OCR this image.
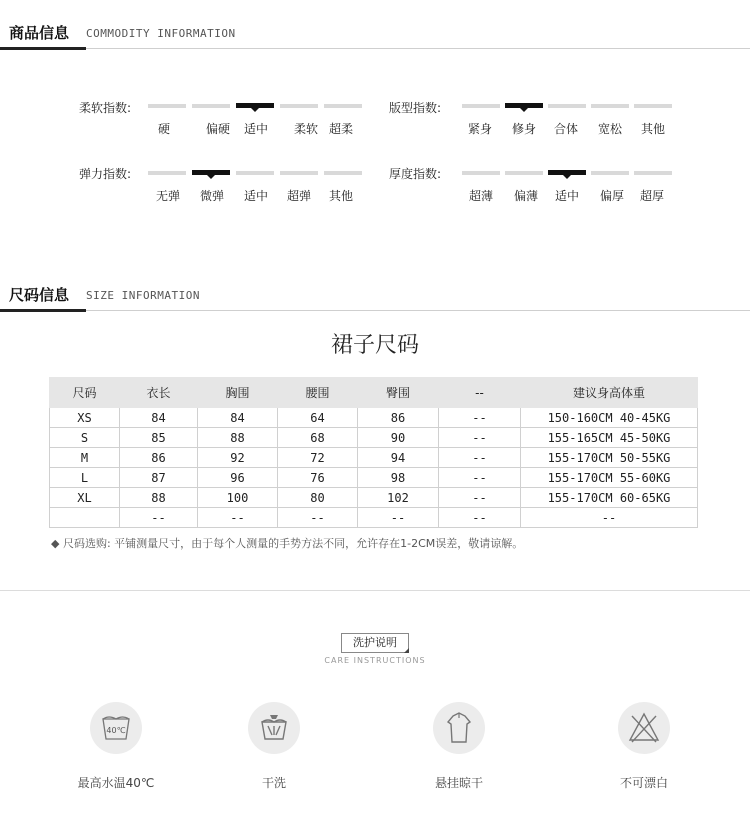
商品信息 COMMODITY INFORMATION
柔软指数:
硬	偏硬	适中	柔软 超柔
版型指数:
紧身	修身	合体	宽松	其他
弹力指数:
无弹	微弹	适中	超弹	其他
厚度指数:
超薄	偏薄	适中	偏厚	超厚
尺码信息 SIZE INFORMATION
裙子尺码
尺码	衣长	胸围	腰围	臀围	--	建议身高体重
XS	84	84	64	86	--	150-160CM 40-45KG
S	85	88	68	90	--	155-165CM 45-50KG
M	86	92	72	94	--	155-170CM 50-55KG
L	87	96	76	98	--	155-170CM 55-60KG
XL	88	100	80	102	--	155-170CM 60-65KG
	--	--	--	--	--	--
◆ 尺码选购: 平铺测量尺寸，由于每个人测量的手势方法不同，允许存在1-2CM误差，敬请谅解。
洗护说明
CARE INSTRUCTIONS
40℃
最高水温40℃	干洗	悬挂晾干	不可漂白
